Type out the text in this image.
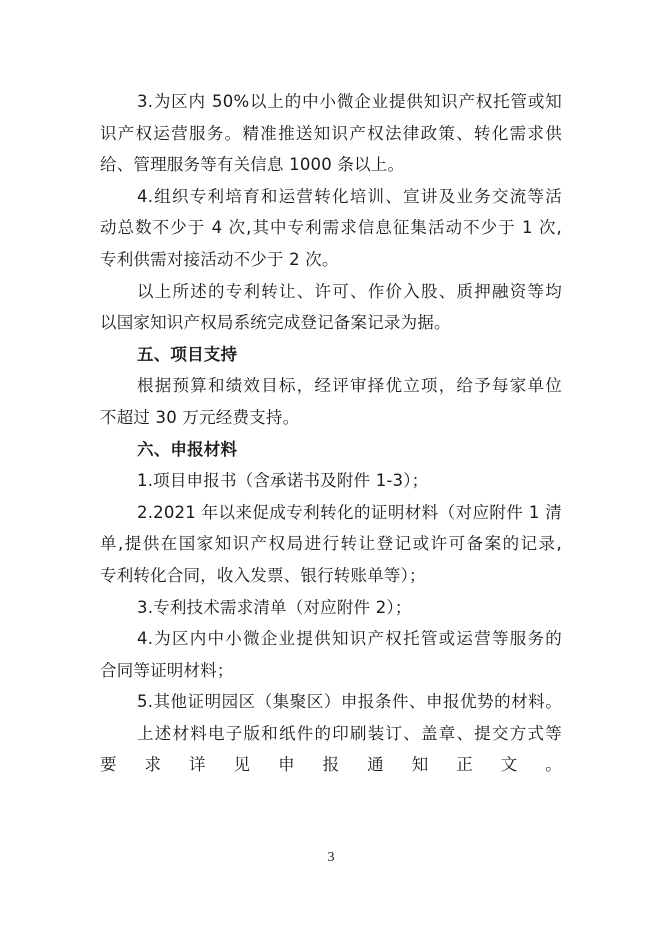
3.为区内 50%以上的中小微企业提供知识产权托管或知
识产权运营服务。精准推送知识产权法律政策、转化需求供
给、管理服务等有关信息 1000 条以上。
4.组织专利培育和运营转化培训、宣讲及业务交流等活
动总数不少于 4 次,其中专利需求信息征集活动不少于 1 次,
专利供需对接活动不少于 2 次。
以上所述的专利转让、许可、作价入股、质押融资等均
以国家知识产权局系统完成登记备案记录为据。
五、项目支持
根据预算和绩效目标，经评审择优立项，给予每家单位
不超过 30 万元经费支持。
六、申报材料
1.项目申报书（含承诺书及附件 1-3）；
2.2021 年以来促成专利转化的证明材料（对应附件 1 清
单,提供在国家知识产权局进行转让登记或许可备案的记录,
专利转化合同，收入发票、银行转账单等）；
3.专利技术需求清单（对应附件 2）；
4.为区内中小微企业提供知识产权托管或运营等服务的
合同等证明材料；
5.其他证明园区（集聚区）申报条件、申报优势的材料。
上述材料电子版和纸件的印刷装订、盖章、提交方式等
要求详见申报通知正文。
3
